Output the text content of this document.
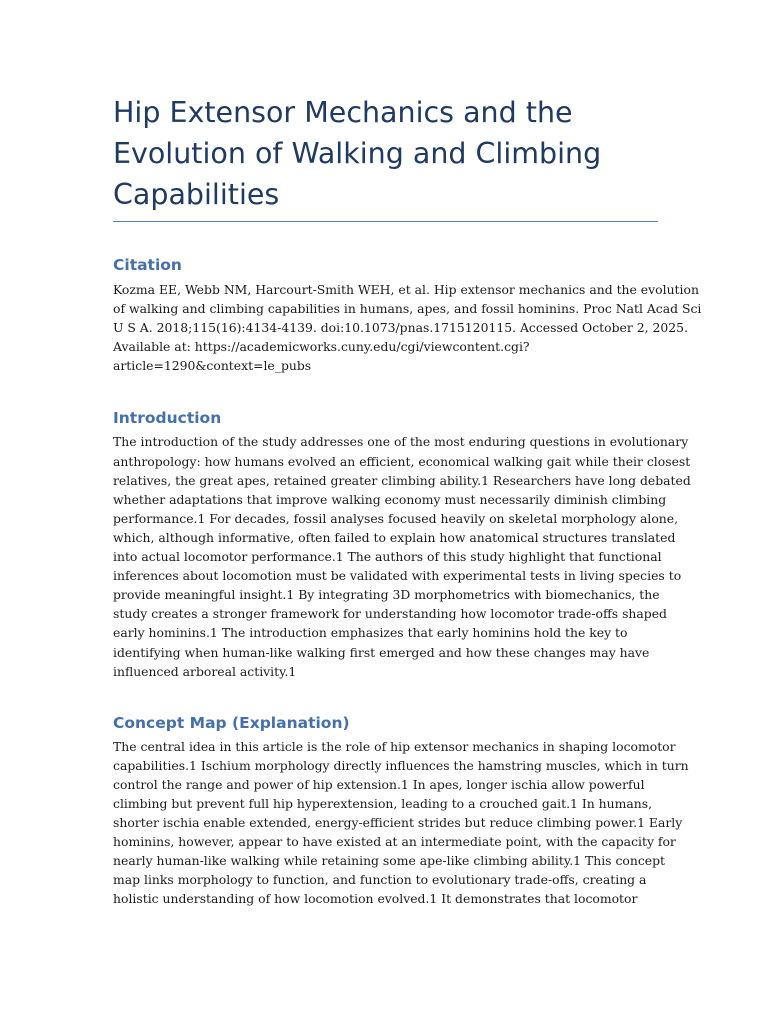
Hip Extensor Mechanics and the
Evolution of Walking and Climbing
Capabilities
Citation

Kozma EE, Webb NM, Harcourt-Smith WEH, et al. Hip extensor mechanics and the evolution
of walking and climbing capabilities in humans, apes, and fossil hominins. Proc Natl Acad Sci
U S A. 2018;115(16):4134-4139. doi:10.1073/pnas.1715120115. Accessed October 2, 2025.
Available at: https://academicworks.cuny.edu/cgi/viewcontent.cgi?
article=1290&context=le_pubs

Introduction

The introduction of the study addresses one of the most enduring questions in evolutionary
anthropology: how humans evolved an efficient, economical walking gait while their closest
relatives, the great apes, retained greater climbing ability.1 Researchers have long debated
whether adaptations that improve walking economy must necessarily diminish climbing
performance.1 For decades, fossil analyses focused heavily on skeletal morphology alone,
which, although informative, often failed to explain how anatomical structures translated
into actual locomotor performance.1 The authors of this study highlight that functional
inferences about locomotion must be validated with experimental tests in living species to
provide meaningful insight.1 By integrating 3D morphometrics with biomechanics, the
study creates a stronger framework for understanding how locomotor trade-offs shaped
early hominins.1 The introduction emphasizes that early hominins hold the key to
identifying when human-like walking first emerged and how these changes may have
influenced arboreal activity.1

Concept Map (Explanation)

The central idea in this article is the role of hip extensor mechanics in shaping locomotor
capabilities.1 Ischium morphology directly influences the hamstring muscles, which in turn
control the range and power of hip extension.1 In apes, longer ischia allow powerful
climbing but prevent full hip hyperextension, leading to a crouched gait.1 In humans,
shorter ischia enable extended, energy-efficient strides but reduce climbing power.1 Early
hominins, however, appear to have existed at an intermediate point, with the capacity for
nearly human-like walking while retaining some ape-like climbing ability.1 This concept
map links morphology to function, and function to evolutionary trade-offs, creating a
holistic understanding of how locomotion evolved.1 It demonstrates that locomotor
